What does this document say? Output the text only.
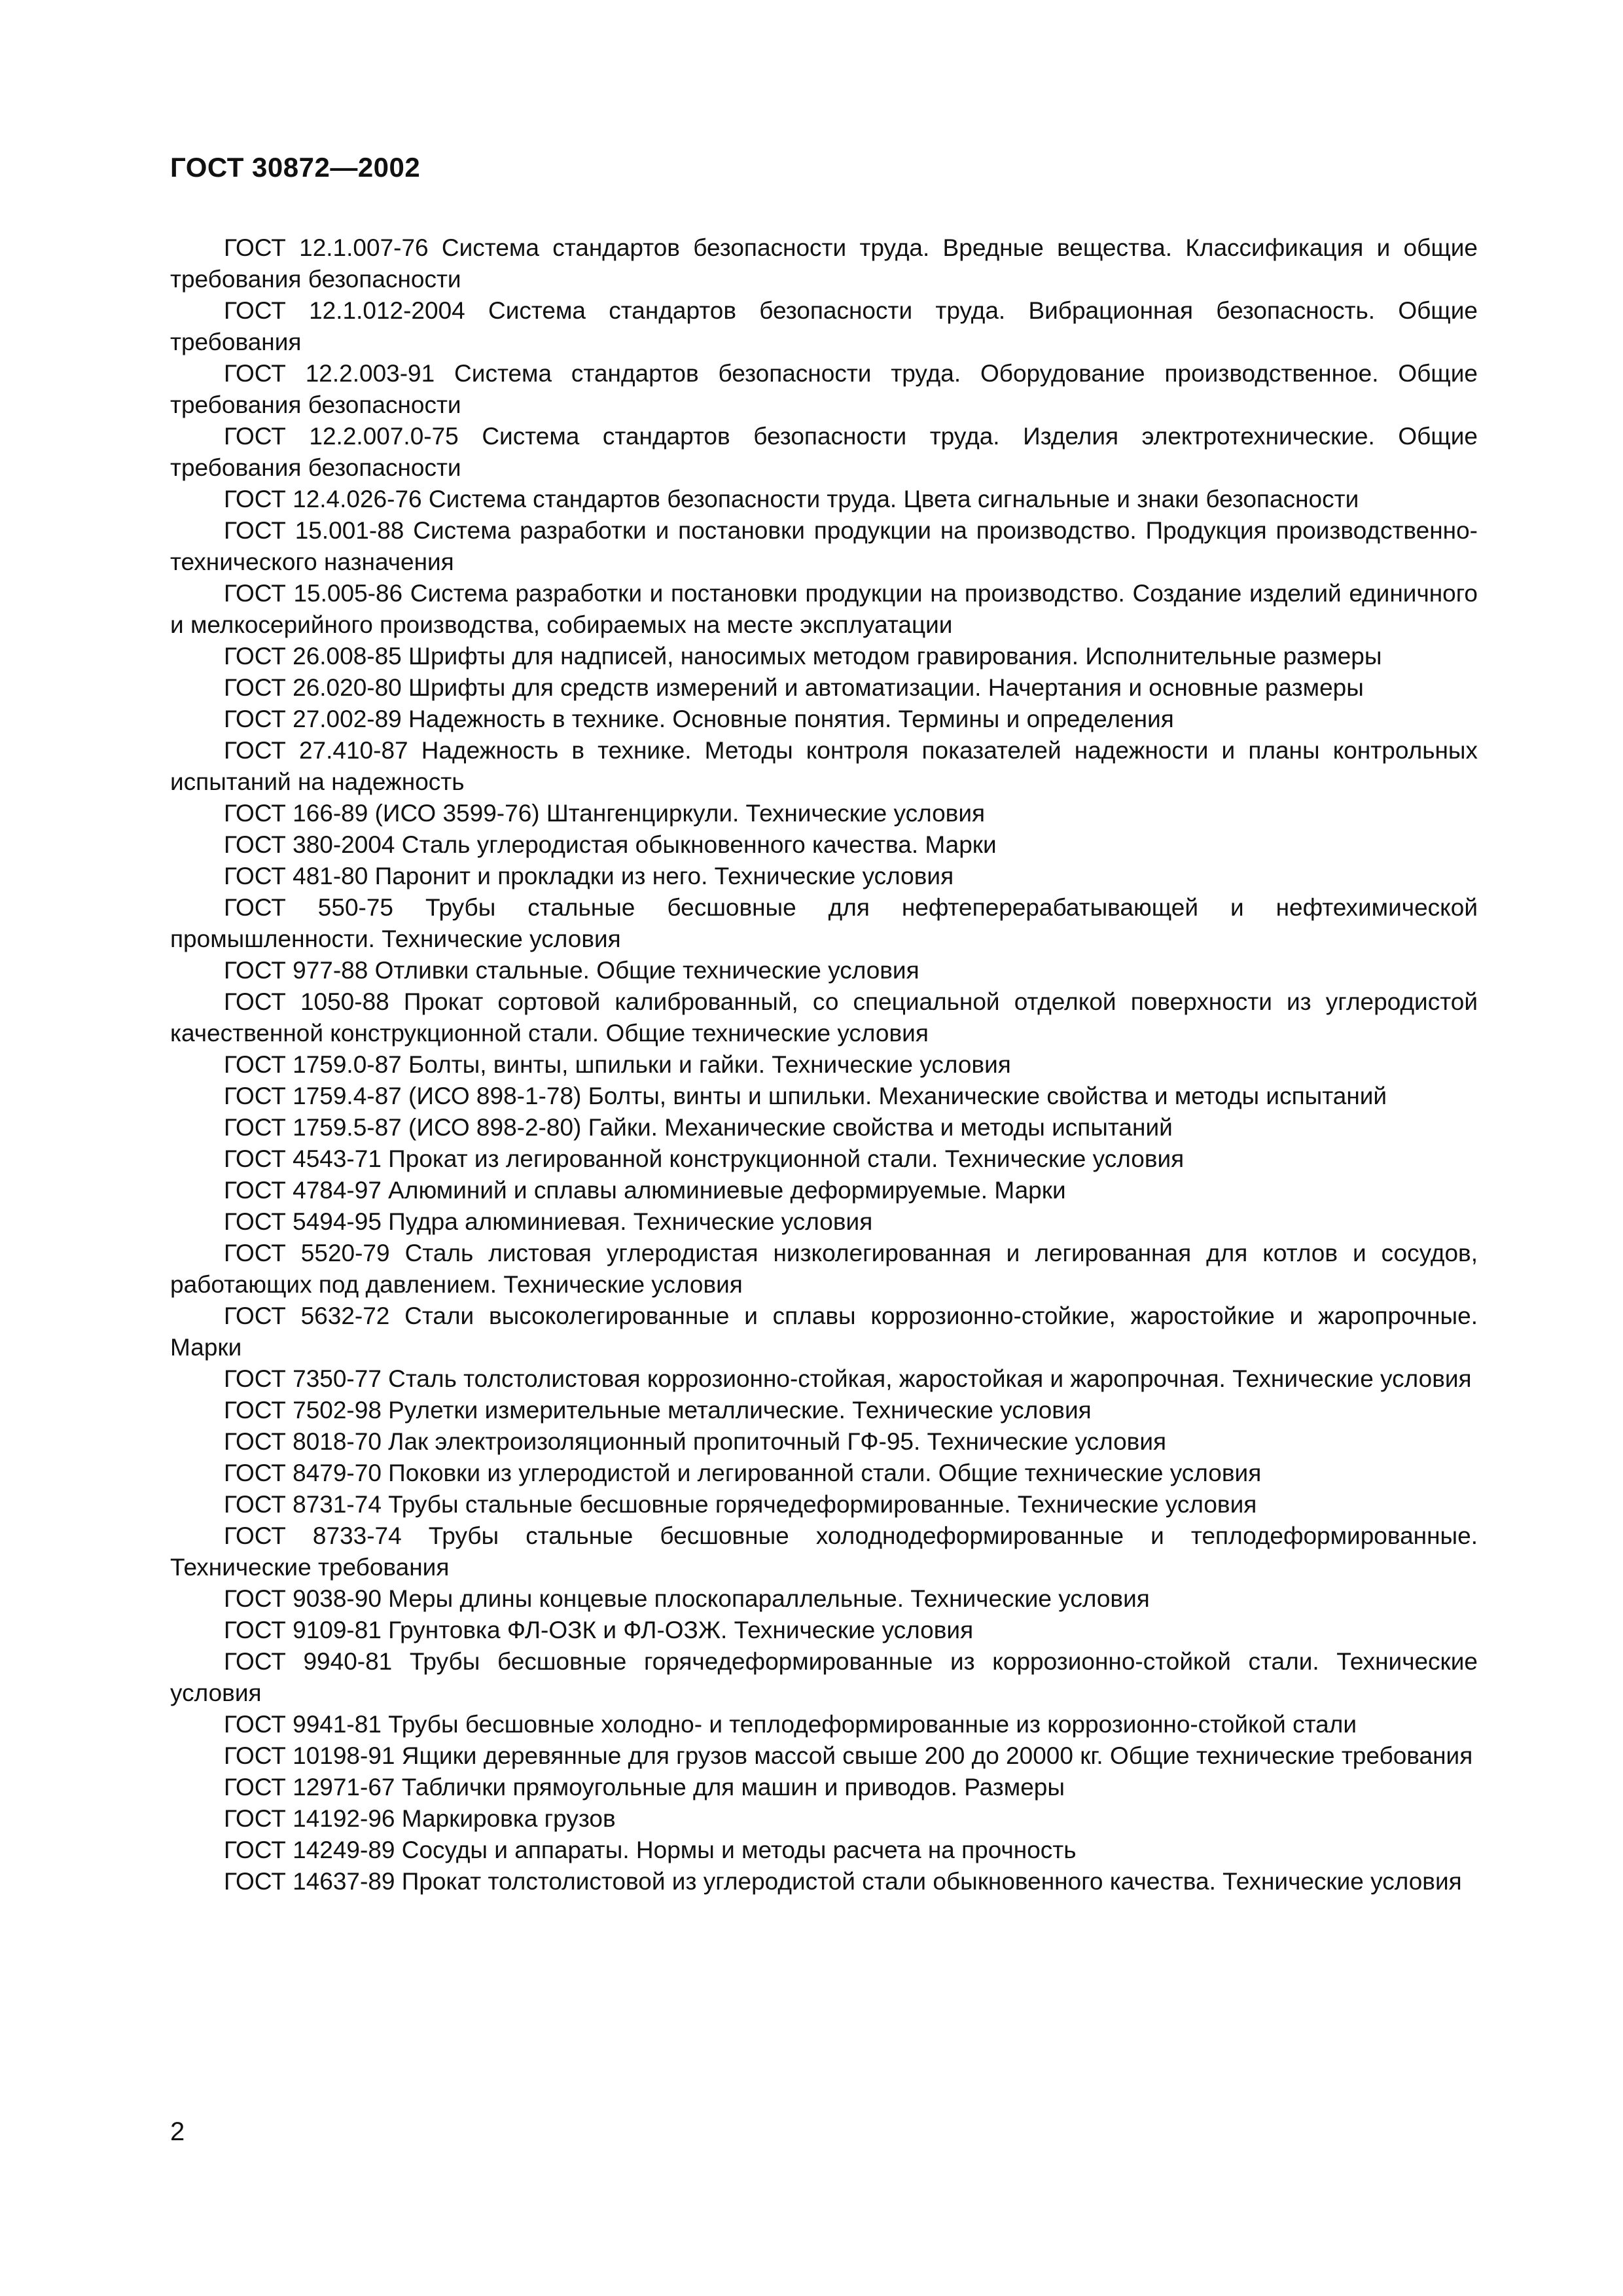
ГОСТ 30872—2002

ГОСТ 12.1.007-76 Система стандартов безопасности труда. Вредные вещества. Классификация и общие требования безопасности

ГОСТ 12.1.012-2004 Система стандартов безопасности труда. Вибрационная безопасность. Общие требования

ГОСТ 12.2.003-91 Система стандартов безопасности труда. Оборудование производственное. Общие требования безопасности

ГОСТ 12.2.007.0-75 Система стандартов безопасности труда. Изделия электротехнические. Общие требования безопасности

ГОСТ 12.4.026-76 Система стандартов безопасности труда. Цвета сигнальные и знаки безопасности

ГОСТ 15.001-88 Система разработки и постановки продукции на производство. Продукция производственно-технического назначения

ГОСТ 15.005-86 Система разработки и постановки продукции на производство. Создание изделий единичного и мелкосерийного производства, собираемых на месте эксплуатации

ГОСТ 26.008-85 Шрифты для надписей, наносимых методом гравирования. Исполнительные размеры

ГОСТ 26.020-80 Шрифты для средств измерений и автоматизации. Начертания и основные размеры

ГОСТ 27.002-89 Надежность в технике. Основные понятия. Термины и определения

ГОСТ 27.410-87 Надежность в технике. Методы контроля показателей надежности и планы контрольных испытаний на надежность

ГОСТ 166-89 (ИСО 3599-76) Штангенциркули. Технические условия

ГОСТ 380-2004 Сталь углеродистая обыкновенного качества. Марки

ГОСТ 481-80 Паронит и прокладки из него. Технические условия

ГОСТ 550-75 Трубы стальные бесшовные для нефтеперерабатывающей и нефтехимической промышленности. Технические условия

ГОСТ 977-88 Отливки стальные. Общие технические условия

ГОСТ 1050-88 Прокат сортовой калиброванный, со специальной отделкой поверхности из углеродистой качественной конструкционной стали. Общие технические условия

ГОСТ 1759.0-87 Болты, винты, шпильки и гайки. Технические условия

ГОСТ 1759.4-87 (ИСО 898-1-78) Болты, винты и шпильки. Механические свойства и методы испытаний

ГОСТ 1759.5-87 (ИСО 898-2-80) Гайки. Механические свойства и методы испытаний

ГОСТ 4543-71 Прокат из легированной конструкционной стали. Технические условия

ГОСТ 4784-97 Алюминий и сплавы алюминиевые деформируемые. Марки

ГОСТ 5494-95 Пудра алюминиевая. Технические условия

ГОСТ 5520-79 Сталь листовая углеродистая низколегированная и легированная для котлов и сосудов, работающих под давлением. Технические условия

ГОСТ 5632-72 Стали высоколегированные и сплавы коррозионно-стойкие, жаростойкие и жаропрочные. Марки

ГОСТ 7350-77 Сталь толстолистовая коррозионно-стойкая, жаростойкая и жаропрочная. Технические условия

ГОСТ 7502-98 Рулетки измерительные металлические. Технические условия

ГОСТ 8018-70 Лак электроизоляционный пропиточный ГФ-95. Технические условия

ГОСТ 8479-70 Поковки из углеродистой и легированной стали. Общие технические условия

ГОСТ 8731-74 Трубы стальные бесшовные горячедеформированные. Технические условия

ГОСТ 8733-74 Трубы стальные бесшовные холоднодеформированные и теплодеформированные. Технические требования

ГОСТ 9038-90 Меры длины концевые плоскопараллельные. Технические условия

ГОСТ 9109-81 Грунтовка ФЛ-ОЗК и ФЛ-ОЗЖ. Технические условия

ГОСТ 9940-81 Трубы бесшовные горячедеформированные из коррозионно-стойкой стали. Технические условия

ГОСТ 9941-81 Трубы бесшовные холодно- и теплодеформированные из коррозионно-стойкой стали

ГОСТ 10198-91 Ящики деревянные для грузов массой свыше 200 до 20000 кг. Общие технические требования

ГОСТ 12971-67 Таблички прямоугольные для машин и приводов. Размеры

ГОСТ 14192-96 Маркировка грузов

ГОСТ 14249-89 Сосуды и аппараты. Нормы и методы расчета на прочность

ГОСТ 14637-89 Прокат толстолистовой из углеродистой стали обыкновенного качества. Технические условия

2
